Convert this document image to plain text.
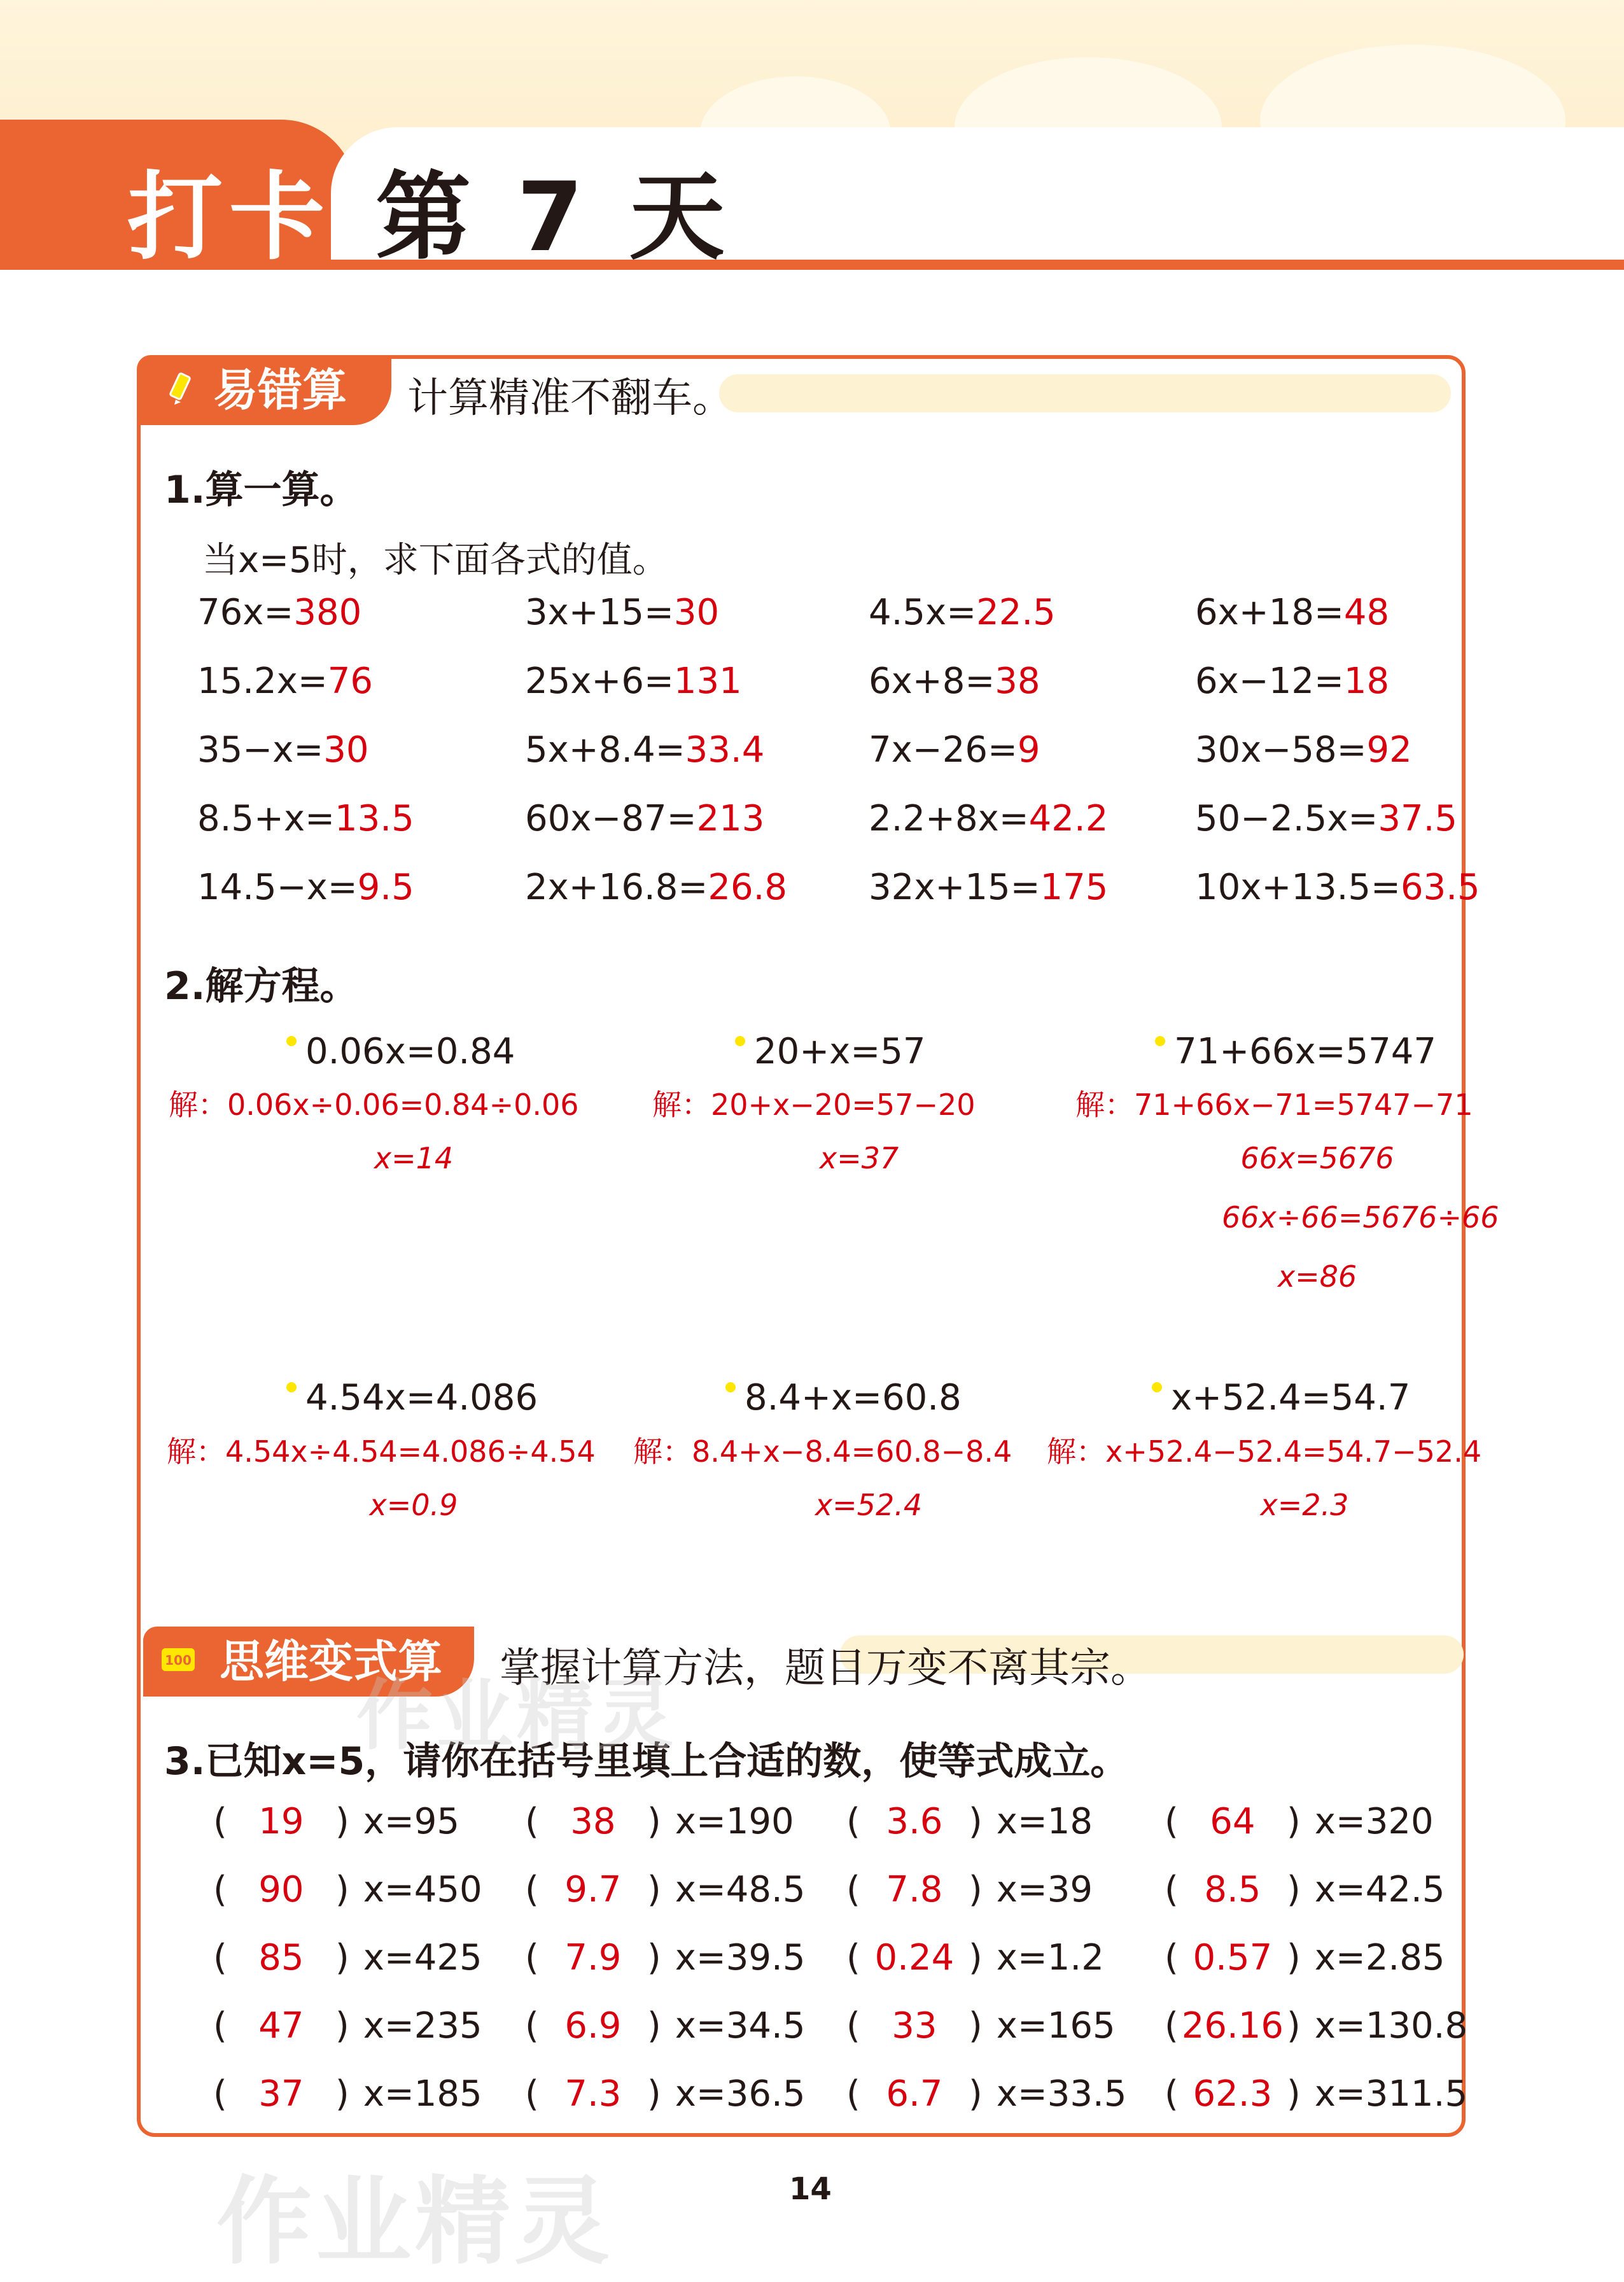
打卡 第 7 天
易错算	计算精准不翻车。
1.算一算。
当x=5时，求下面各式的值。
76x=380	3x+15=30	4.5x=22.5	6x+18=48
15.2x=76	25x+6=131	6x+8=38	6x−12=18
35−x=30	5x+8.4=33.4	7x−26=9	30x−58=92
8.5+x=13.5	60x−87=213	2.2+8x=42.2 50−2.5x=37.5
14.5−x=9.5	2x+16.8=26.8 32x+15=175 10x+13.5=63.5
2.解方程。
0.06x=0.84
解：0.06x÷0.06=0.84÷0.06
x=14
20+x=57
解：20+x−20=57−20
x=37
71+66x=5747
解：71+66x−71=5747−71
66x=5676
66x÷66=5676÷66
x=86
4.54x=4.086
解：4.54x÷4.54=4.086÷4.54
x=0.9
8.4+x=60.8
解：8.4+x−8.4=60.8−8.4
x=52.4
x+52.4=54.7
解：x+52.4−52.4=54.7−52.4
x=2.3
思维变式算
100	掌握计算方法，题目万变不离其宗。
3.已知x=5，请你在括号里填上合适的数，使等式成立。
( 19 ) x=95 ( 38 ) x=190 ( 3.6 ) x=18 ( 64 ) x=320
( 90 ) x=450 ( 9.7 ) x=48.5 ( 7.8 ) x=39 ( 8.5 ) x=42.5
( 85 ) x=425 ( 7.9 ) x=39.5 ( 0.24 ) x=1.2 ( 0.57 ) x=2.85
( 47 ) x=235 ( 6.9 ) x=34.5 ( 33 ) x=165 (26.16) x=130.8
( 37 ) x=185 ( 7.3 ) x=36.5 ( 6.7 ) x=33.5 ( 62.3 ) x=311.5
作业精灵
作业精灵	14
